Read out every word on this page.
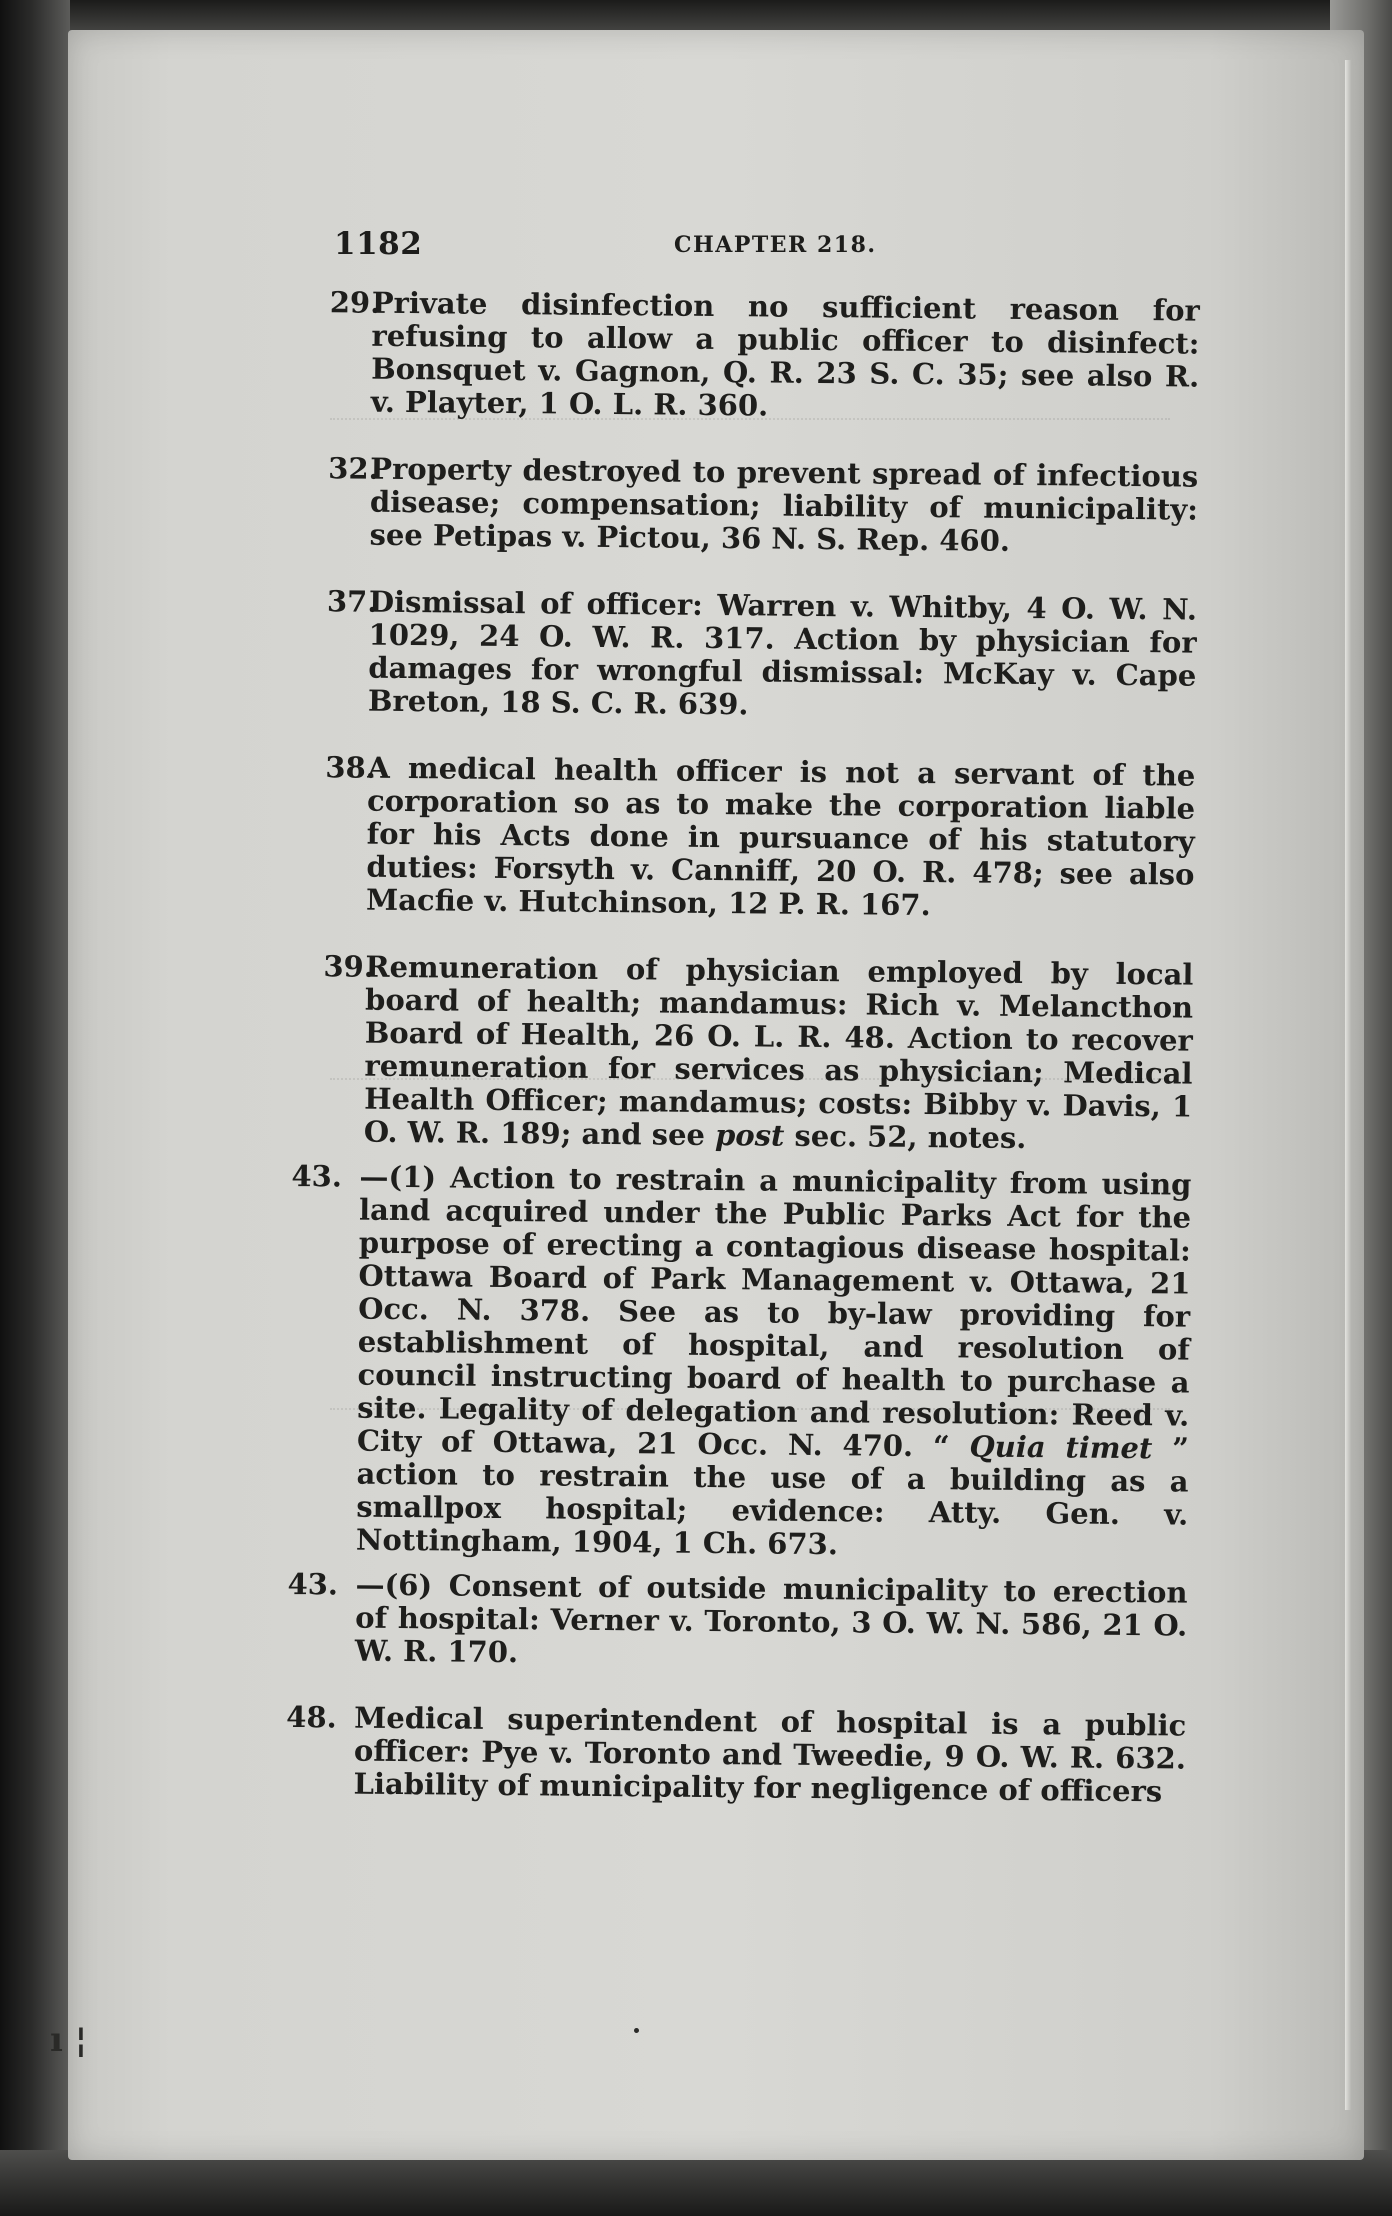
1182	CHAPTER 218.
29.
Private disinfection no sufficient reason for refusing to allow a public officer to disinfect: Bonsquet v. Gagnon, Q. R. 23 S. C. 35; see also R. v. Playter, 1 O. L. R. 360.
32.
Property destroyed to prevent spread of infectious disease; compensation; liability of municipality: see Petipas v. Pictou, 36 N. S. Rep. 460.
37.
Dismissal of officer: Warren v. Whitby, 4 O. W. N. 1029, 24 O. W. R. 317. Action by physician for damages for wrongful dismissal: McKay v. Cape Breton, 18 S. C. R. 639.
38.
A medical health officer is not a servant of the corporation so as to make the corporation liable for his Acts done in pursuance of his statutory duties: Forsyth v. Canniff, 20 O. R. 478; see also Macfie v. Hutchinson, 12 P. R. 167.
39.
Remuneration of physician employed by local board of health; mandamus: Rich v. Melancthon Board of Health, 26 O. L. R. 48. Action to recover remuneration for services as physician; Medical Health Officer; mandamus; costs: Bibby v. Davis, 1 O. W. R. 189; and see post sec. 52, notes.
43. —(1) Action to restrain a municipality from using land acquired under the Public Parks Act for the purpose of erecting a contagious disease hospital: Ottawa Board of Park Management v. Ottawa, 21 Occ. N. 378. See as to by-law providing for establishment of hospital, and resolution of council instructing board of health to purchase a site. Legality of delegation and resolution: Reed v. City of Ottawa, 21 Occ. N. 470. “ Quia timet ” action to restrain the use of a building as a smallpox hospital; evidence: Atty. Gen. v. Nottingham, 1904, 1 Ch. 673.
43. —(6) Consent of outside municipality to erection of hospital: Verner v. Toronto, 3 O. W. N. 586, 21 O. W. R. 170.
48. Medical superintendent of hospital is a public officer: Pye v. Toronto and Tweedie, 9 O. W. R. 632. Liability of municipality for negligence of officers
ı ¦
